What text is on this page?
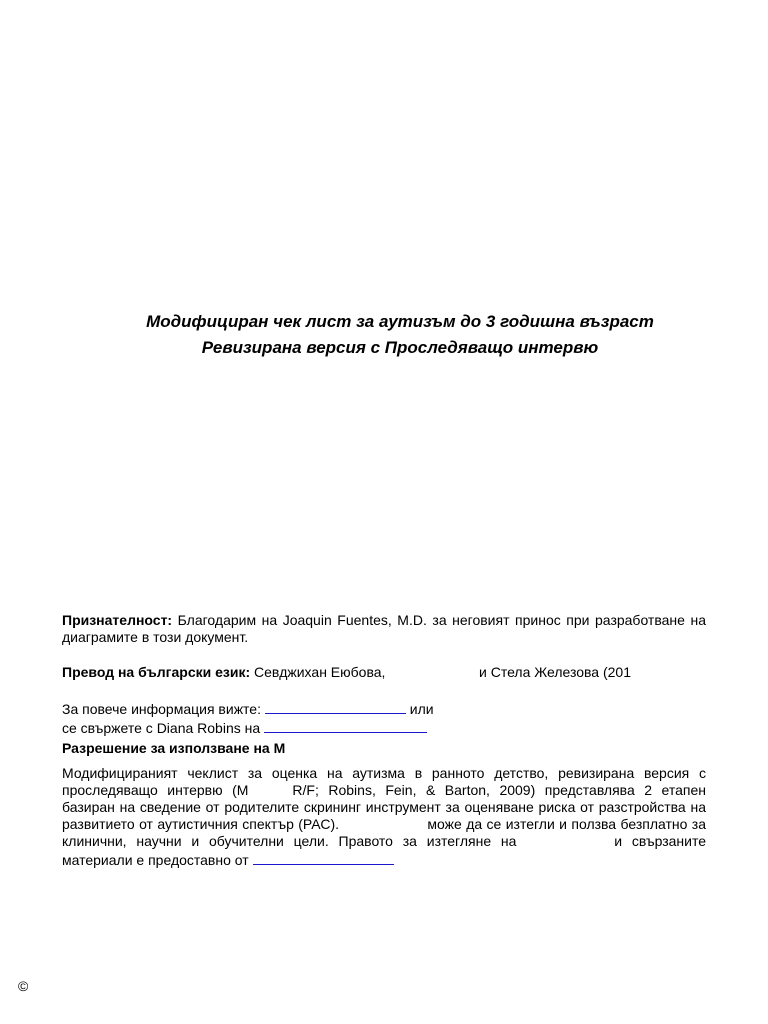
Модифициран чек лист за аутизъм до 3 годишна възраст
Ревизирана версия с Проследяващо интервю
Признателност: Благодарим на Joaquin Fuentes, M.D. за неговият принос при разработване на диаграмите в този документ.
Превод на български език: Севджихан Еюбова,	и Стела Железова (201
За повече информация вижте:	или
се свържете с Diana Robins на
Разрешение за използване на М
Модифицираният чеклист за оценка на аутизма в ранното детство, ревизирана версия с проследяващо интервю (М	R/F; Robins, Fein, & Barton, 2009) представлява 2 етапен базиран на сведение от родителите скрининг инструмент за оценяване риска от разстройства на развитието от аутистичния спектър (РАС).	може да се изтегли и ползва безплатно за клинични, научни и обучителни цели. Правото за изтегляне на	и свързаните материали е предоставно от
©
